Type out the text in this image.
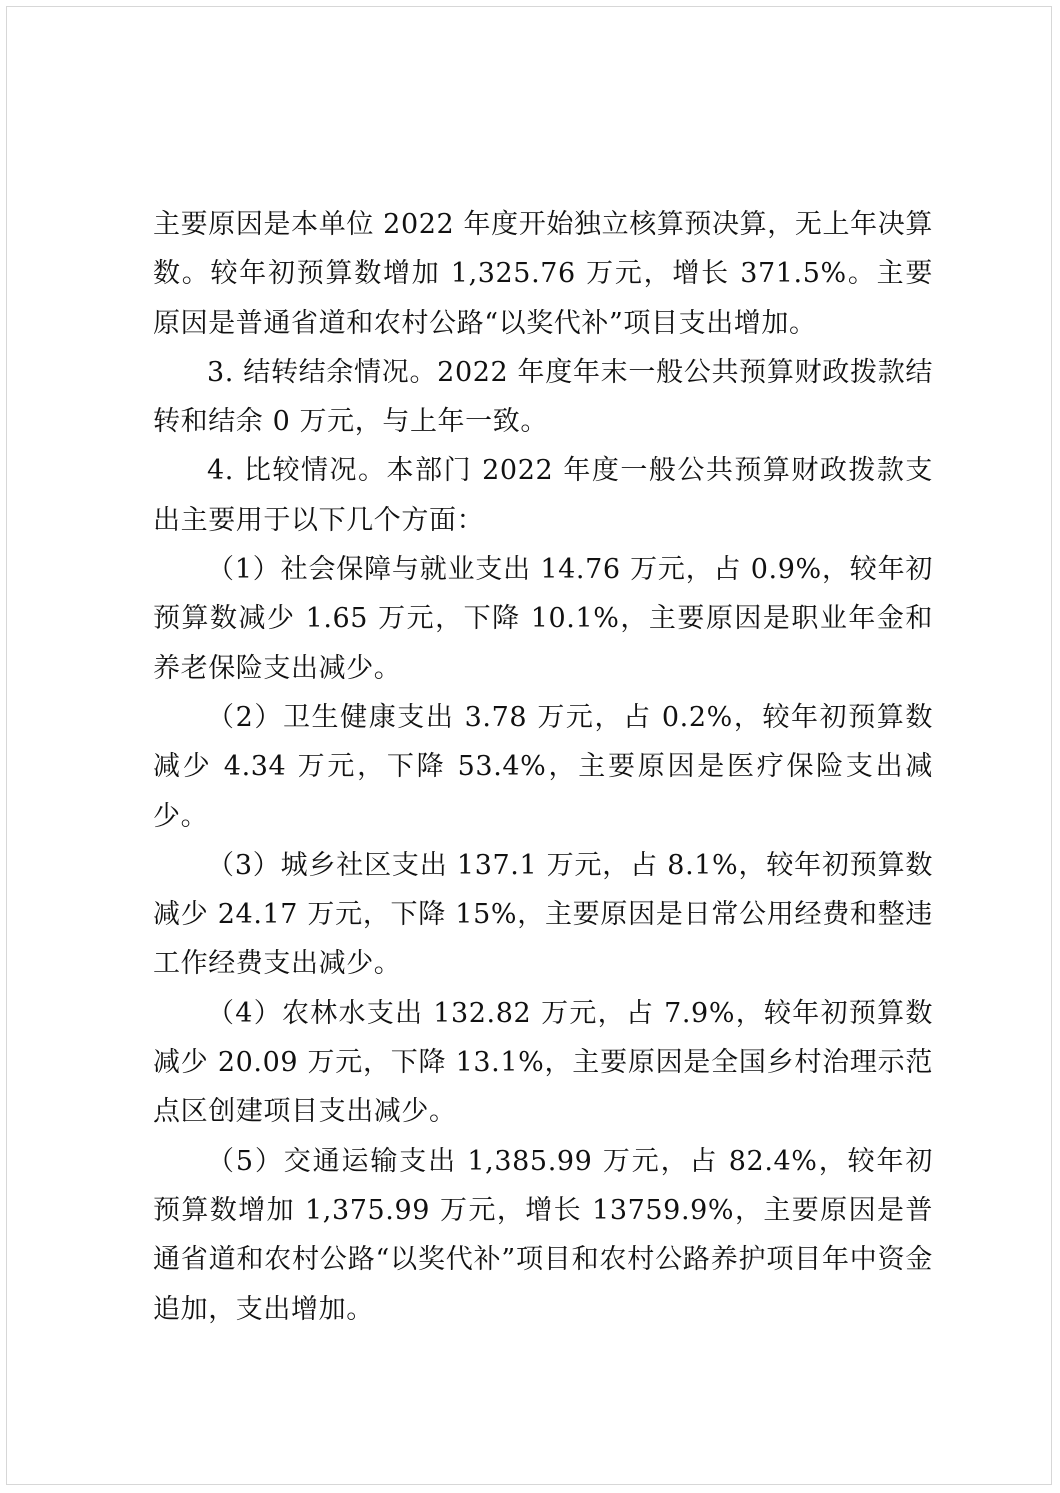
主要原因是本单位 2022 年度开始独立核算预决算，无上年决算数。较年初预算数增加 1,325.76 万元，增长 371.5%。主要原因是普通省道和农村公路“以奖代补”项目支出增加。

3. 结转结余情况。2022 年度年末一般公共预算财政拨款结转和结余 0 万元，与上年一致。

4. 比较情况。本部门 2022 年度一般公共预算财政拨款支出主要用于以下几个方面：

（1）社会保障与就业支出 14.76 万元，占 0.9%，较年初预算数减少 1.65 万元，下降 10.1%，主要原因是职业年金和养老保险支出减少。

（2）卫生健康支出 3.78 万元，占 0.2%，较年初预算数减少 4.34 万元，下降 53.4%，主要原因是医疗保险支出减少。

（3）城乡社区支出 137.1 万元，占 8.1%，较年初预算数减少 24.17 万元，下降 15%，主要原因是日常公用经费和整违工作经费支出减少。

（4）农林水支出 132.82 万元，占 7.9%，较年初预算数减少 20.09 万元，下降 13.1%，主要原因是全国乡村治理示范点区创建项目支出减少。

（5）交通运输支出 1,385.99 万元，占 82.4%，较年初预算数增加 1,375.99 万元，增长 13759.9%，主要原因是普通省道和农村公路“以奖代补”项目和农村公路养护项目年中资金追加，支出增加。
